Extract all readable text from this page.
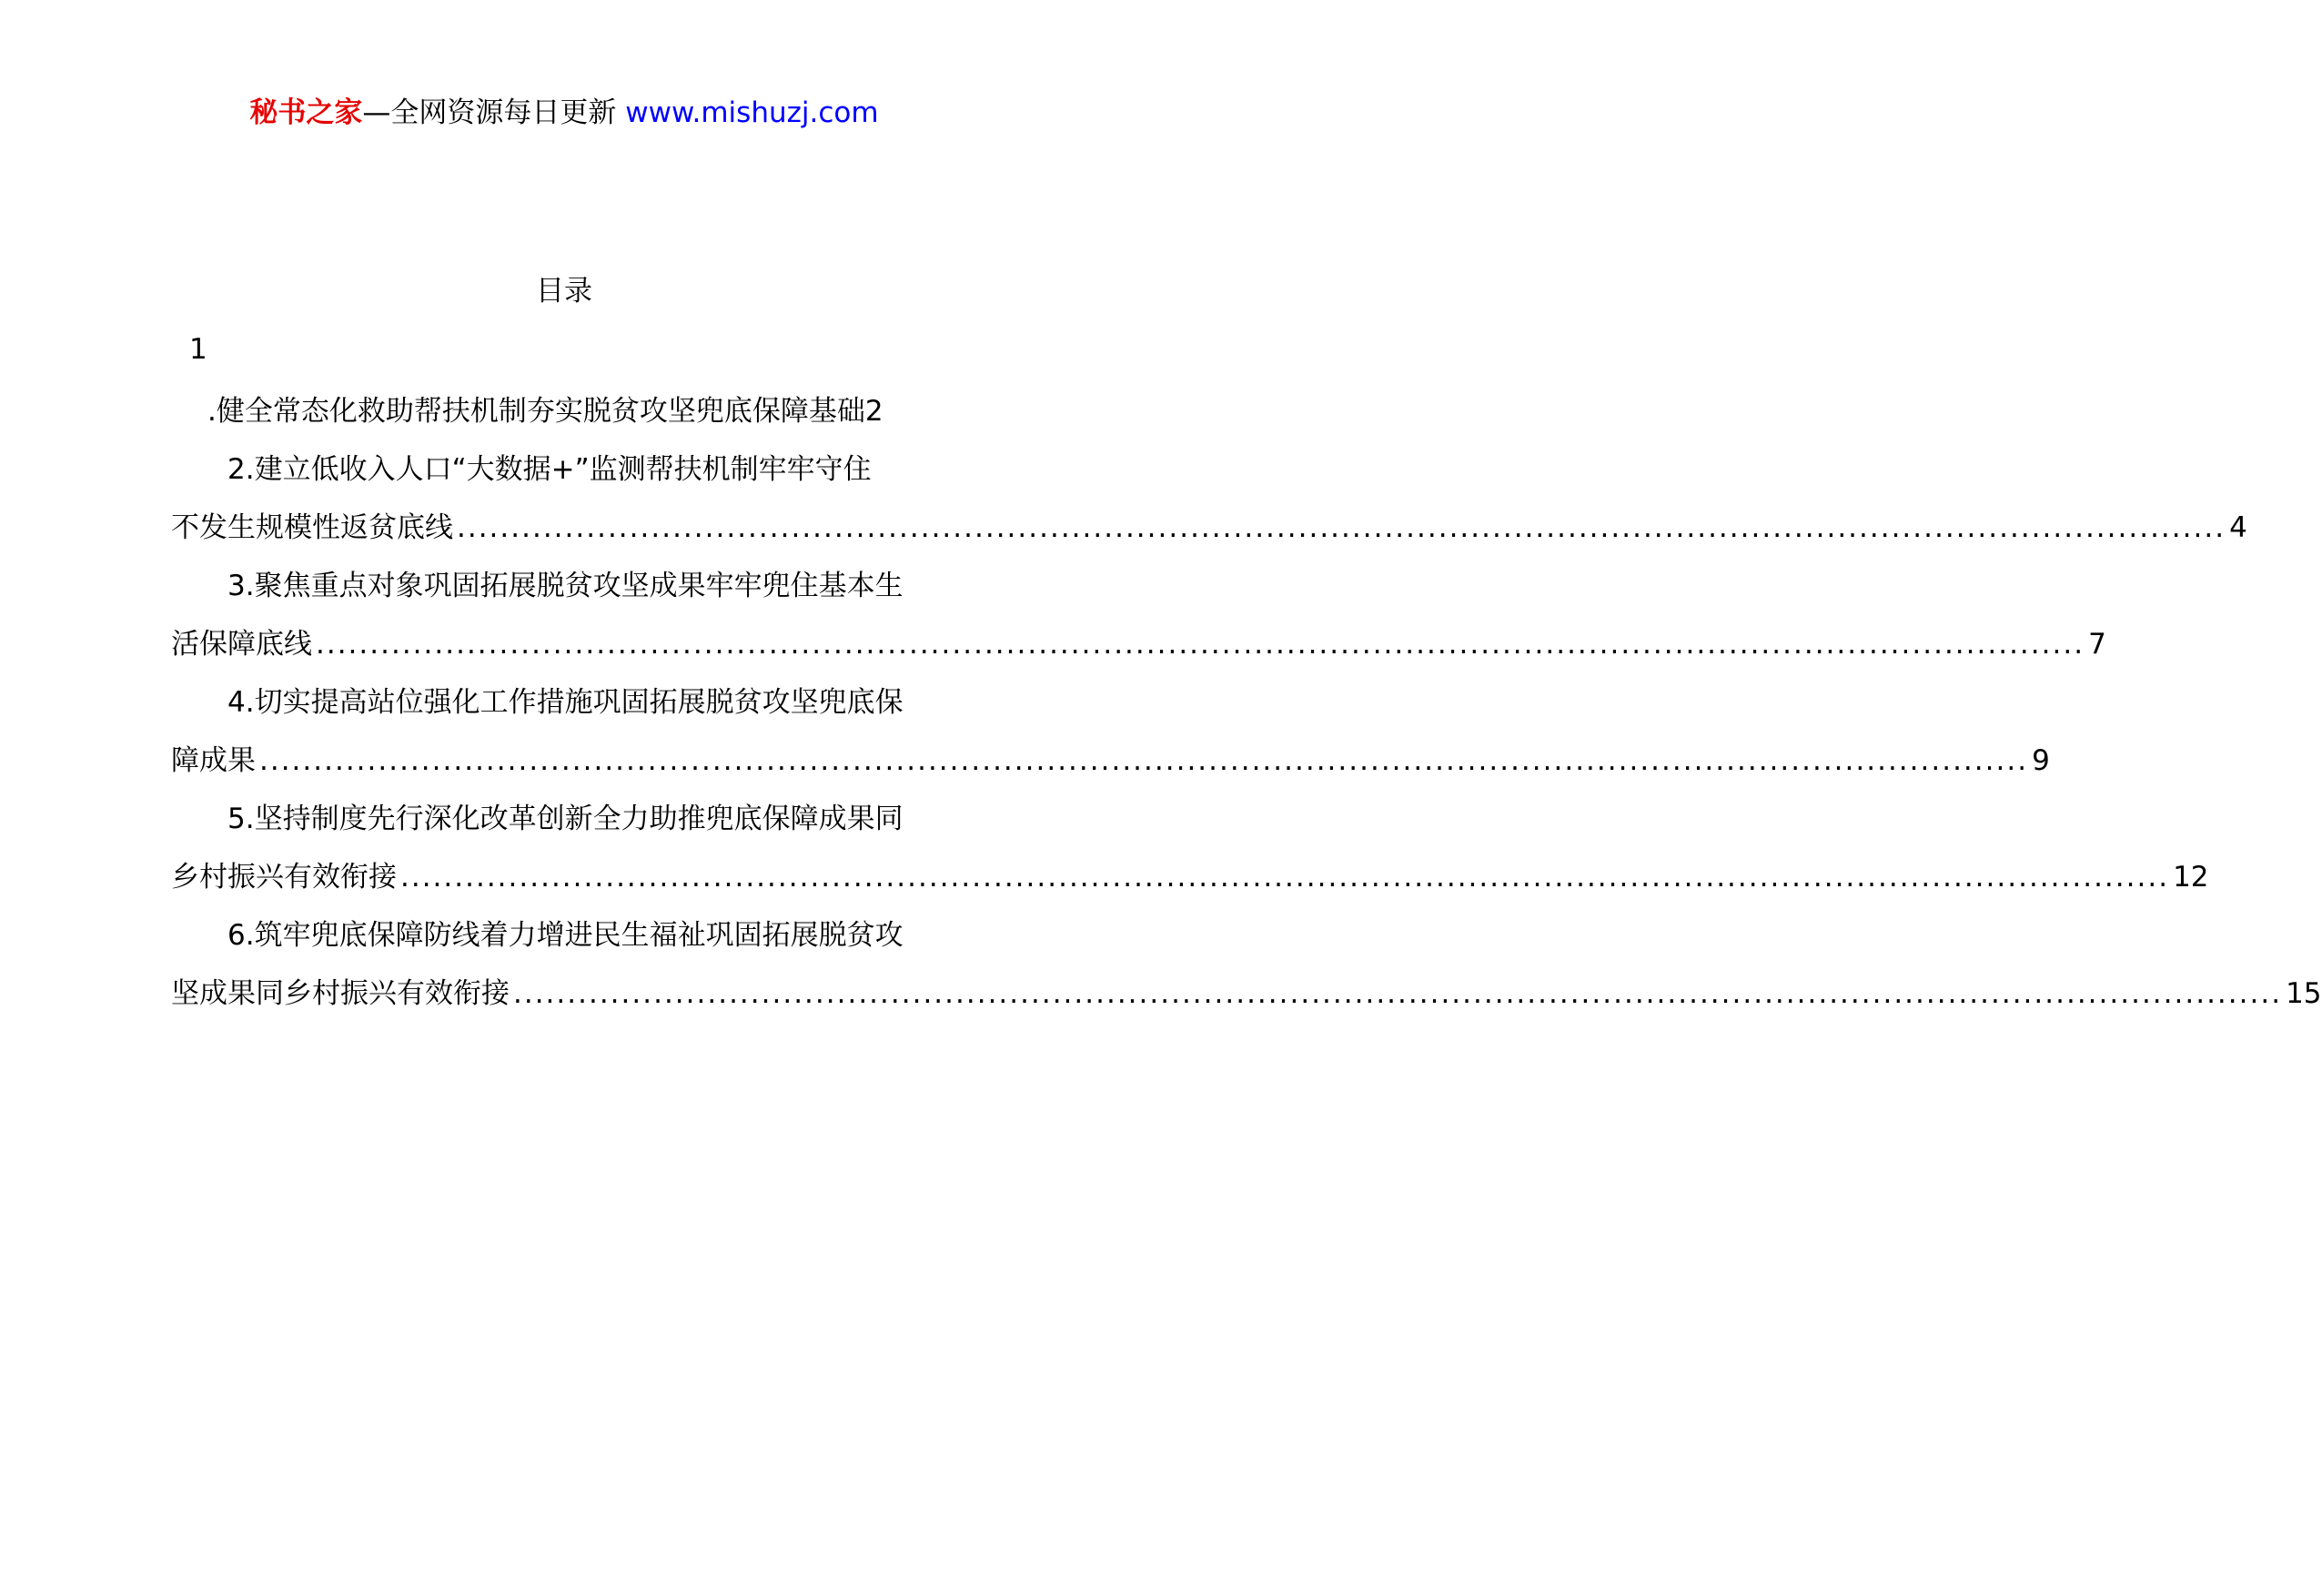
秘书之家—全网资源每日更新 www.mishuzj.com
目录
1
.健全常态化救助帮扶机制夯实脱贫攻坚兜底保障基础 2
2.建立低收入人口“大数据+”监测帮扶机制牢牢守住
不发生规模性返贫底线 .................................................................................................................................................................... 4
3.聚焦重点对象巩固拓展脱贫攻坚成果牢牢兜住基本生
活保障底线 .................................................................................................................................................................... 7
4.切实提高站位强化工作措施巩固拓展脱贫攻坚兜底保
障成果 .................................................................................................................................................................... 9
5.坚持制度先行深化改革创新全力助推兜底保障成果同
乡村振兴有效衔接 .................................................................................................................................................................... 12
6.筑牢兜底保障防线着力增进民生福祉巩固拓展脱贫攻
坚成果同乡村振兴有效衔接 .................................................................................................................................................................... 15
